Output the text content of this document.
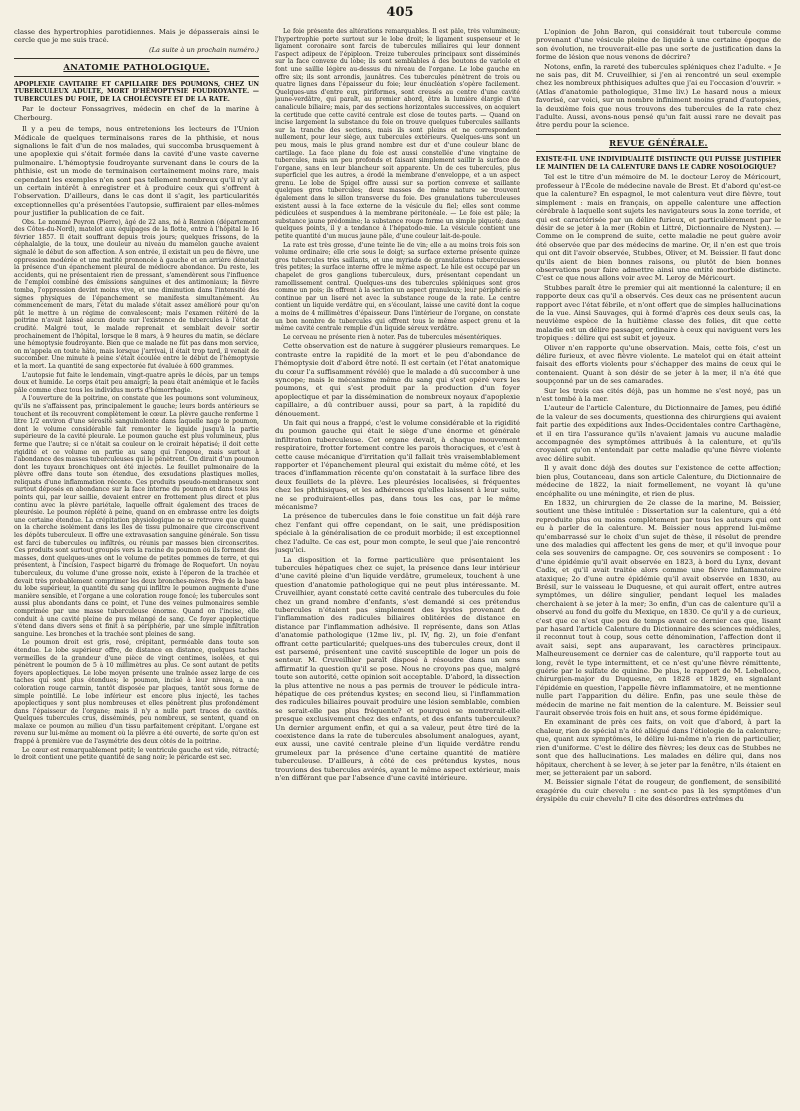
405

classe des hypertrophies parotidiennes. Mais je dépasserais ainsi le cercle que je me suis tracé.

(La suite à un prochain numéro.)
ANATOMIE PATHOLOGIQUE.
APOPLEXIE CAVITAIRE ET CAPILLAIRE DES POUMONS, CHEZ UN TUBERCULEUX ADULTE, MORT D'HÉMOPTYSIE FOUDROYANTE. — TUBERCULES DU FOIE, DE LA CHOLÉCYSTE ET DE LA RATE.
Par le docteur Fonssagrives, médecin en chef de la marine à Cherbourg.

Il y a peu de temps, nous entretenions les lecteurs de l'Union Médicale de quelques terminaisons rares de la phthisie, et nous signalions le fait d'un de nos malades, qui succomba brusquement à une apoplexie qui s'était formée dans la cavité d'une vaste caverne pulmonaire. L'hémoptysie foudroyante survenant dans le cours de la phthisie, est un mode de terminaison certainement moins rare, mais cependant les exemples n'en sont pas tellement nombreux qu'il n'y ait un certain intérêt à enregistrer et à produire ceux qui s'offrent à l'observation. D'ailleurs, dans le cas dont il s'agit, les particularités exceptionnelles qu'a présentées l'autopsie, suffiraient par elles-mêmes pour justifier la publication de ce fait.

Obs. Le nommé Peyron (Pierre), âgé de 22 ans, né à Rennion (département des Côtes-du-Nord), matelot aux équipages de la flotte, entre à l'hôpital le 16 février 1857. Il était souffrant depuis trois jours; quelques frissons, de la céphalalgie, de la toux, une douleur au niveau du mamelon gauche avaient signalé le début de son affection. A son entrée, il existait un peu de fièvre, une oppression modérée et une matité prononcée à gauche et en arrière dénotait la présence d'un épanchement pleural de médiocre abondance. Du reste, les accidents, qui ne présentaient rien de pressant, s'amendèrent sous l'influence de l'emploi combiné des émissions sanguines et des antimoniaux; la fièvre tomba, l'oppression devint moins vive, et une diminution dans l'intensité des signes physiques de l'épanchement se manifesta simultanément. Au commencement de mars, l'état du malade s'était assez amélioré pour qu'on pût le mettre à un régime de convalescent; mais l'examen réitéré de la poitrine n'avait laissé aucun doute sur l'existence de tubercules à l'état de crudité. Malgré tout, le malade reprenait et semblait devoir sortir prochainement de l'hôpital, lorsque le 8 mars, à 9 heures du matin, se déclare une hémoptysie foudroyante. Bien que ce malade ne fût pas dans mon service, on m'appela en toute hâte, mais lorsque j'arrivai, il était trop tard, il venait de succomber. Une minute à peine s'était écoulée entre le début de l'hémoptysie et la mort. La quantité de sang expectorée fut évaluée à 600 grammes.

L'autopsie fut faite le lendemain, vingt-quatre après le décès, par un temps doux et humide. Le corps était peu amaigri; la peau était anémique et le faciès pâle comme chez tous les individus morts d'hémorrhagie.

A l'ouverture de la poitrine, on constate que les poumons sont volumineux, qu'ils ne s'affaissent pas, principalement le gauche; leurs bords antérieurs se touchent et ils recouvrent complètement le cœur. La plèvre gauche renferme 1 litre 1/2 environ d'une sérosité sanguinolente dans laquelle nage le poumon, dont le volume considérable fait remonter le liquide jusqu'à la partie supérieure de la cavité pleurale. Le poumon gauche est plus volumineux, plus ferme que l'autre; si ce n'était sa couleur on le croirait hépatisé; il doit cette rigidité et ce volume en partie au sang qui l'engoue, mais surtout à l'abondance des masses tuberculeuses qui le pénètrent. On dirait d'un poumon dont les tuyaux bronchiques ont été injectés. Le feuillet pulmonaire de la plèvre offre dans toute son étendue, des exsudations plastiques molles, reliquats d'une inflammation récente. Ces produits pseudo-membraneux sont surtout déposés en abondance sur la face interne du poumon et dans tous les points qui, par leur saillie, devaient entrer en frottement plus direct et plus continu avec la plèvre pariétale, laquelle offrait également des traces de pleurésie. Le poumon réplété à peine, quand on en embrasse entre les doigts une certaine étendue. La crépitation physiologique ne se retrouve que quand on la cherche isolément dans les îles de tissu pulmonaire que circonscrivent les dépôts tuberculeux. Il offre une extravasation sanguine générale. Son tissu est farci de tubercules ou infiltrés, ou réunis par masses bien circonscrites. Ces produits sont surtout groupés vers la racine du poumon où ils forment des masses, dont quelques-unes ont le volume de petites pommes de terre, et qui présentent, à l'incision, l'aspect bigarré du fromage de Roquefort. Un noyau tuberculeux, du volume d'une grosse noix, existe à l'éperon de la trachée et devait très probablement comprimer les deux bronches-mères. Près de la base du lobe supérieur, la quantité du sang qui infiltre le poumon augmente d'une manière sensible, et l'organe a une coloration rouge foncé; les tubercules sont aussi plus abondants dans ce point, et l'une des veines pulmonaires semble comprimée par une masse tuberculeuse énorme. Quand on l'incise, elle conduit à une cavité pleine de pus mélangé de sang. Ce foyer apoplectique s'étend dans divers sens et finit à sa périphérie, par une simple infiltration sanguine. Les bronches et la trachée sont pleines de sang.

Le poumon droit est gris, rosé, crépitant, perméable dans toute son étendue. Le lobe supérieur offre, de distance en distance, quelques taches vermeilles de la grandeur d'une pièce de vingt centimes, isolées, et qui pénètrent le poumon de 5 à 10 millimètres au plus. Ce sont autant de petits foyers apoplectiques. Le lobe moyen présente une traînée assez large de ces taches qui sont plus étendues; le poumon, incisé à leur niveau, a une coloration rouge carmin, tantôt disposée par plaques, tantôt sous forme de simple pointillé. Le lobe inférieur est encore plus injecté, les taches apoplectiques y sont plus nombreuses et elles pénètrent plus profondément dans l'épaisseur de l'organe; mais il n'y a nulle part traces de cavités. Quelques tubercules crus, disséminés, peu nombreux, se sentent, quand on malaxe ce poumon au milieu d'un tissu parfaitement crépitant. L'organe est revenu sur lui-même au moment où la plèvre a été ouverte, de sorte qu'on est frappé à première vue de l'asymétrie des deux côtés de la poitrine.

Le cœur est remarquablement petit; le ventricule gauche est vide, rétracté; le droit contient une petite quantité de sang noir; le péricarde est sec.

Le foie présente des altérations remarquables. Il est pâle, très volumineux; l'hypertrophie porte surtout sur le lobe droit; le ligament suspenseur et le ligament coronaire sont farcis de tubercules miliaires qui leur donnent l'aspect adipeux de l'épiploon. Treize tubercules principaux sont disséminés sur la face convexe du lobe; ils sont semblables à des boutons de variole et font une saillie légère au-dessus du niveau de l'organe. Le lobe gauche en offre six; ils sont arrondis, jaunâtres. Ces tubercules pénètrent de trois ou quatre lignes dans l'épaisseur du foie; leur énucléation s'opère facilement. Quelques-uns d'entre eux, piriformes, sont creusés au centre d'une cavité jaune-verdâtre, qui paraît, au premier abord, être la lumière élargie d'un canalicule biliaire; mais, par des sections horizontales successives, on acquiert la certitude que cette cavité centrale est close de toutes parts. — Quand on incise largement la substance du foie on trouve quelques tubercules saillants sur la tranche des sections, mais ils sont pleins et ne correspondent nullement, pour leur siège, aux tubercules extérieurs. Quelques-uns sont un peu mous, mais le plus grand nombre est dur et d'une couleur blanc de cartilage. La face plane du foie est aussi constellée d'une vingtaine de tubercules, mais un peu profonds et faisant simplement saillir la surface de l'organe, sans en leur blancheur soit apparente. Un de ces tubercules, plus superficiel que les autres, a érodé la membrane d'enveloppe, et a un aspect grenu. Le lobe de Spigel offre aussi sur sa portion convexe et saillante quelques gros tubercules; deux masses de même nature se trouvent également dans le sillon transverse du foie. Des granulations tuberculeuses existent aussi à la face externe de la vésicule du fiel; elles sont comme pédiculées et suspendues à la membrane péritonéale. — Le foie est pâle; la substance jaune prédomine; la substance rouge forme un simple piqueté; dans quelques points, il y a tendance à l'hépatodo-mie. La vésicule contient une petite quantité d'un mucus jaune pâle, d'une couleur lait-de-poule.

La rate est très grosse, d'une teinte lie de vin; elle a au moins trois fois son volume ordinaire; elle crie sous le doigt; sa surface externe présente quinze gros tubercules très saillants, et une myriade de granulations tuberculeuses très petites; la surface interne offre le même aspect. Le hile est occupé par un chapelet de gros ganglions tuberculeux, durs, présentant cependant un ramollissement central. Quelques-uns des tubercules spléniques sont gros comme un pois; ils offrent à la section un aspect granuleux; leur périphérie se continue par un liseré net avec la substance rouge de la rate. Le centre contient un liquide verdâtre qui, en s'écoulant, laisse une cavité dont la coque a moins de 4 millimètres d'épaisseur. Dans l'intérieur de l'organe, on constate un bon nombre de tubercules qui offrent tous le même aspect grenu et la même cavité centrale remplie d'un liquide séreux verdâtre.

Le cerveau ne présente rien à noter. Pas de tubercules mésentériques.

Cette observation est de nature à suggérer plusieurs remarques. Le contraste entre la rapidité de la mort et le peu d'abondance de l'hémoptysie doit d'abord être noté. Il est certain (et l'état anatomique du cœur l'a suffisamment révélé) que le malade a dû succomber à une syncope; mais le mécanisme même du sang qui s'est opéré vers les poumons, et qui s'est produit par la production d'un foyer apoplectique et par la dissémination de nombreux noyaux d'apoplexie capillaire, a dû contribuer aussi, pour sa part, à la rapidité du dénouement.

Un fait qui nous a frappé, c'est le volume considérable et la rigidité du poumon gauche qui était le siège d'une énorme et générale infiltration tuberculeuse. Cet organe devait, à chaque mouvement respiratoire, frotter fortement contre les parois thoraciques, et c'est à cette cause mécanique d'irritation qu'il fallait très vraisemblablement rapporter et l'épanchement pleural qui existait du même côté, et les traces d'inflammation récente qu'on constatait à la surface libre des deux feuillets de la plèvre. Les pleurésies localisées, si fréquentes chez les phthisiques, et les adhérences qu'elles laissent à leur suite, ne se produiraient-elles pas, dans tous les cas, par le même mécanisme?

La présence de tubercules dans le foie constitue un fait déjà rare chez l'enfant qui offre cependant, on le sait, une prédisposition spéciale à la généralisation de ce produit morbide; il est exceptionnel chez l'adulte. Ce cas est, pour mon compte, le seul que j'aie rencontré jusqu'ici.

La disposition et la forme particulière que présentaient les tubercules hépatiques chez ce sujet, la présence dans leur intérieur d'une cavité pleine d'un liquide verdâtre, grumeleux, touchent à une question d'anatomie pathologique qui ne peut plus intéressante. M. Cruveilhier, ayant constaté cette cavité centrale des tubercules du foie chez un grand nombre d'enfants, s'est demandé si ces prétendus tubercules n'étaient pas simplement des kystes provenant de l'inflammation des radicules biliaires oblitérées de distance en distance par l'inflammation adhésive. Il représente, dans son Atlas d'anatomie pathologique (12me liv., pl. IV, fig. 2), un foie d'enfant offrant cette particularité; quelques-uns des tubercules creux, dont il est parsemé, présentent une cavité susceptible de loger un pois de senteur. M. Cruveilhier paraît disposé à résoudre dans un sens affirmatif la question qu'il se pose. Nous ne croyons pas que, malgré toute son autorité, cette opinion soit acceptable. D'abord, la dissection la plus attentive ne nous a pas permis de trouver le pédicule intra-hépatique de ces prétendus kystes; en second lieu, si l'inflammation des radicules biliaires pouvait produire une lésion semblable, combien se serait-elle pas plus fréquente? et pourquoi se montrerait-elle presque exclusivement chez des enfants, et des enfants tuberculeux? Un dernier argument enfin, et qui a sa valeur, peut être tiré de la coexistence dans la rate de tubercules absolument analogues, ayant, eux aussi, une cavité centrale pleine d'un liquide verdâtre rendu grumeleux par la présence d'une certaine quantité de matière tuberculeuse. D'ailleurs, à côté de ces prétendus kystes, nous trouvions des tubercules avérés, ayant le même aspect extérieur, mais n'en différant que par l'absence d'une cavité intérieure.

L'opinion de John Baron, qui considérait tout tubercule comme provenant d'une vésicule pleine de liquide à une certaine époque de son évolution, ne trouverait-elle pas une sorte de justification dans la forme de lésion que nous venons de décrire?

Notons, enfin, la rareté des tubercules spléniques chez l'adulte. « Je ne sais pas, dit M. Cruveilhier, si j'en ai rencontré un seul exemple chez les nombreux phthisiques adultes que j'ai eu l'occasion d'ouvrir. » (Atlas d'anatomie pathologique, 31me liv.) Le hasard nous a mieux favorisé, car voici, sur un nombre infiniment moins grand d'autopsies, la deuxième fois que nous trouvons des tubercules de la rate chez l'adulte. Aussi, avons-nous pensé qu'un fait aussi rare ne devait pas être perdu pour la science.

REVUE GÉNÉRALE.
EXISTE-T-IL UNE INDIVIDUALITÉ DISTINCTE QUI PUISSE JUSTIFIER LE MAINTIEN DE LA CALENTURE DANS LE CADRE NOSOLOGIQUE?

Tel est le titre d'un mémoire de M. le docteur Leroy de Méricourt, professeur à l'École de médecine navale de Brest. Et d'abord qu'est-ce que la calenture? En espagnol, le mot calentura veut dire fièvre, tout simplement : mais en français, on appelle calenture une affection cérébrale à laquelle sont sujets les navigateurs sous la zone torride, et qui est caractérisée par un délire furieux, et particulièrement par le désir de se jeter à la mer (Robin et Littré, Dictionnaire de Nysten). — Comme on le comprend de suite, cette maladie ne peut guère avoir été observée que par des médecins de marine. Or, il n'en est que trois qui ont dit l'avoir observée, Stubbes, Oliver, et M. Beissier. Il faut donc qu'ils aient de bien bonnes raisons, ou plutôt de bien bonnes observations pour faire admettre ainsi une entité morbide distincte. C'est ce que nous allons voir avec M. Leroy de Méricourt.

Stubbes paraît être le premier qui ait mentionné la calenture; il en rapporte deux cas qu'il a observés. Ces deux cas ne présentent aucun rapport avec l'état fébrile, et n'ont offert que de simples hallucinations de la vue. Ainsi Sauvages, qui à formé d'après ces deux seuls cas, la neuvième espèce de la huitième classe des folies, dit que cette maladie est un délire passager, ordinaire à ceux qui naviguent vers les tropiques : délire qui est subit et joyeux.

Oliver n'en rapporte qu'une observation. Mais, cette fois, c'est un délire furieux, et avec fièvre violente. Le matelot qui en était atteint faisait des efforts violents pour s'échapper des mains de ceux qui le contenaient. Quant à son désir de se jeter à la mer, il n'a été que soupçonné par un de ses camarades.

Sur les trois cas cités déjà, pas un homme ne s'est noyé, pas un n'est tombé à la mer.

L'auteur de l'article Calenture, du Dictionnaire de James, peu édifié de la valeur de ses documents, questionna des chirurgiens qui avaient fait partie des expéditions aux Indes-Occidentales contre Carthagène, et il en tira l'assurance qu'ils n'avaient jamais vu aucune maladie accompagnée des symptômes attribués à la calenture, et qu'ils croyaient qu'on n'entendait par cette maladie qu'une fièvre violente avec délire subit.

Il y avait donc déjà des doutes sur l'existence de cette affection; bien plus, Coutanceau, dans son article Calenture, du Dictionnaire de médecine de 1822, la niait formellement, ne voyant là qu'une encéphalite ou une méningite, et rien de plus.

En 1832, un chirurgien de 2e classe de la marine, M. Beissier, soutient une thèse intitulée : Dissertation sur la calenture, qui a été reproduite plus ou moins complètement par tous les auteurs qui ont eu à parler de la calenture. M. Beissier nous apprend lui-même qu'embarrassé sur le choix d'un sujet de thèse, il résolut de prendre une des maladies qui affectent les gens de mer, et qu'il invoque pour cela ses souvenirs de campagne. Or, ces souvenirs se composent : 1o d'une épidémie qu'il avait observée en 1823, à bord du Lynx, devant Cadix, et qu'il avait traitée alors comme une fièvre inflammatoire ataxique; 2o d'une autre épidémie qu'il avait observée en 1830, au Brésil, sur le vaisseau le Duquesne, et qui aurait offert, entre autres symptômes, un délire singulier, pendant lequel les malades cherchaient à se jeter à la mer; 3o enfin, d'un cas de calenture qu'il a observé au fond du golfe du Mexique, en 1830. Ce qu'il y a de curieux, c'est que ce n'est que peu de temps avant ce dernier cas que, lisant par hasard l'article Calenture du Dictionnaire des sciences médicales, il reconnut tout à coup, sous cette dénomination, l'affection dont il avait saisi, sept ans auparavant, les caractères principaux. Malheureusement ce dernier cas de calenture, qu'il rapporte tout au long, revêt le type intermittent, et ce n'est qu'une fièvre rémittente, guérie par le sulfate de quinine. De plus, le rapport de M. Lebelloco, chirurgien-major du Duquesne, en 1828 et 1829, en signalant l'épidémie en question, l'appelle fièvre inflammatoire, et ne mentionne nulle part l'apparition du délire. Enfin, pas une seule thèse de médecin de marine ne fait mention de la calenture. M. Beissier seul l'aurait observée trois fois en huit ans, et sous forme épidémique.

En examinant de près ces faits, on voit que d'abord, à part la chaleur, rien de spécial n'a été allégué dans l'étiologie de la calenture; que, quant aux symptômes, le délire lui-même n'a rien de particulier, rien d'uniforme. C'est le délire des fièvres; les deux cas de Stubbes ne sont que des hallucinations. Les malades en délire qui, dans nos hôpitaux, cherchent à se lever, à se jeter par la fenêtre, n'ils étaient en mer, se jetteraient par un sabord.

M. Beissier signale l'état de rougeur, de gonflement, de sensibilité exagérée du cuir chevelu : ne sont-ce pas là les symptômes d'un érysipèle du cuir chevelu? Il cite des désordres extrêmes du
